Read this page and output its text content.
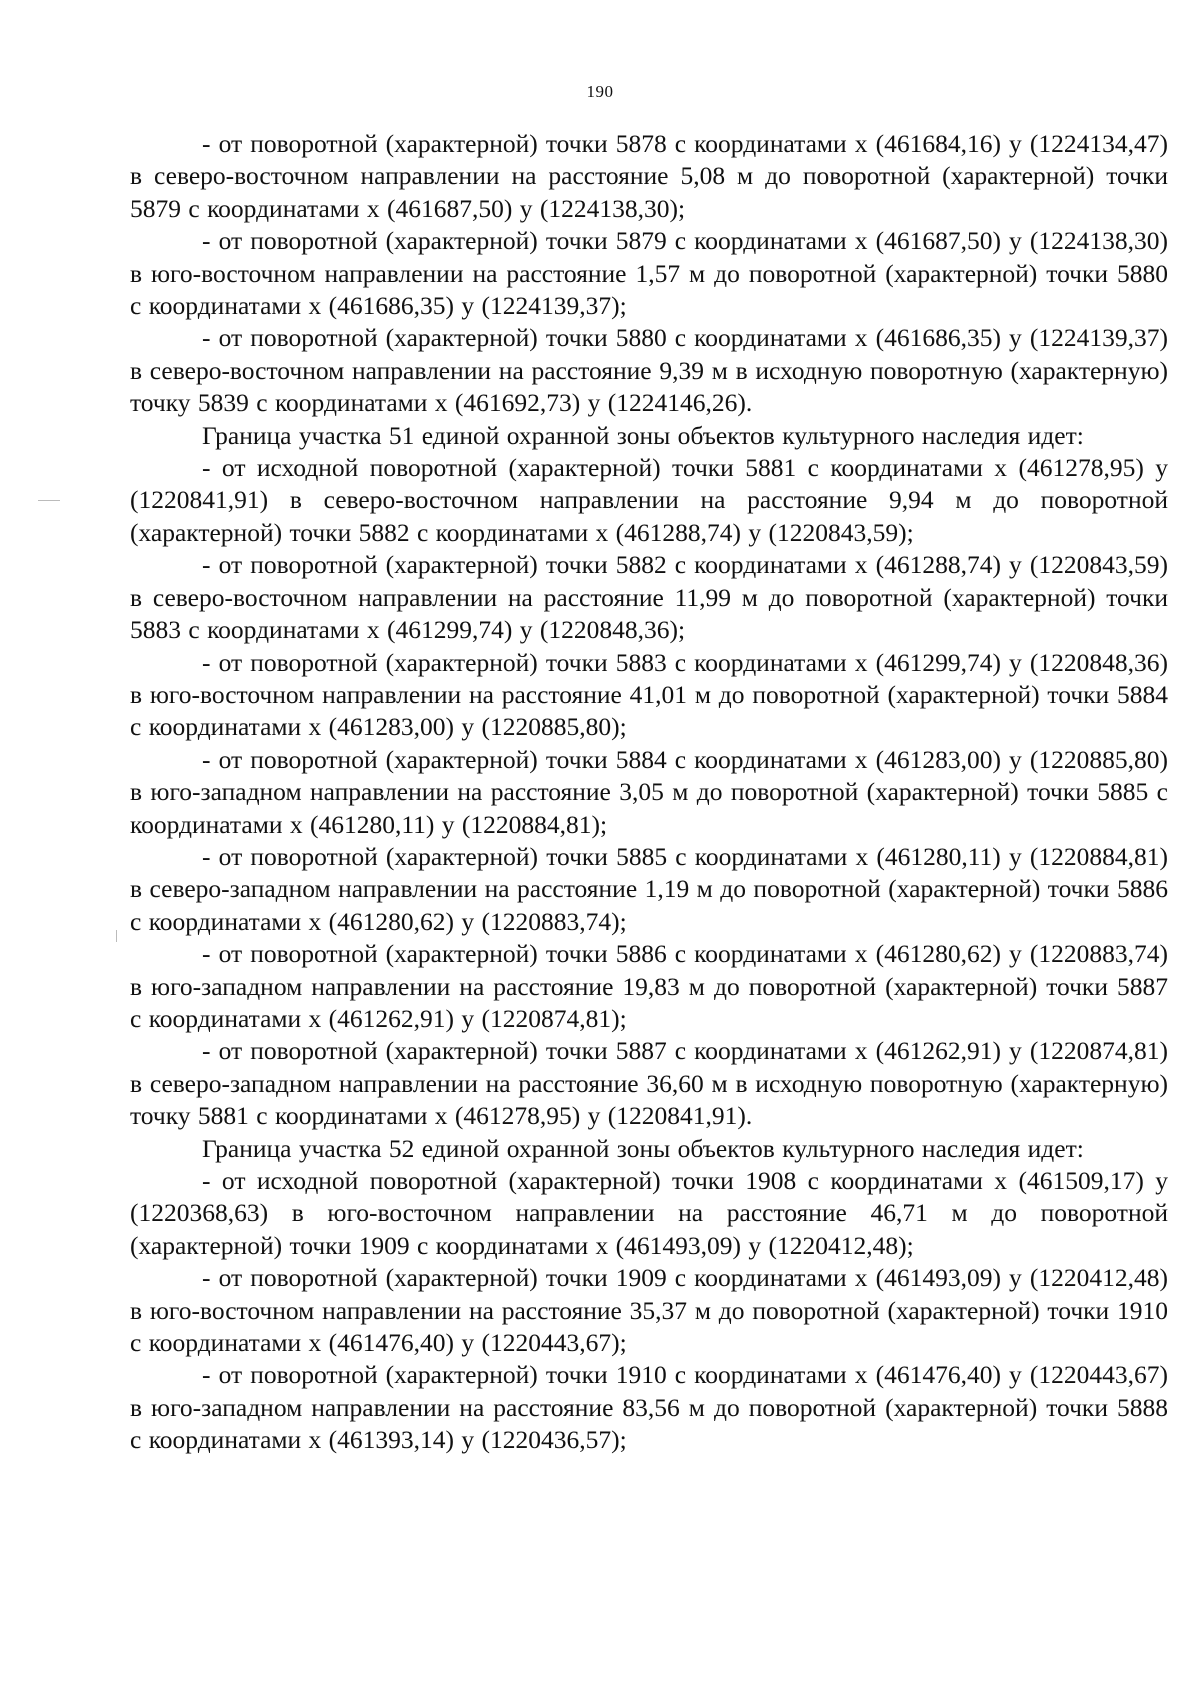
190

- от поворотной (характерной) точки 5878 с координатами х (461684,16) у (1224134,47) в северо-восточном направлении на расстояние 5,08 м до поворотной (характерной) точки 5879 с координатами х (461687,50) у (1224138,30);

- от поворотной (характерной) точки 5879 с координатами х (461687,50) у (1224138,30) в юго-восточном направлении на расстояние 1,57 м до поворотной (характерной) точки 5880 с координатами х (461686,35) у (1224139,37);

- от поворотной (характерной) точки 5880 с координатами х (461686,35) у (1224139,37) в северо-восточном направлении на расстояние 9,39 м в исходную поворотную (характерную) точку 5839 с координатами х (461692,73) у (1224146,26).

Граница участка 51 единой охранной зоны объектов культурного наследия идет:

- от исходной поворотной (характерной) точки 5881 с координатами х (461278,95) у (1220841,91) в северо-восточном направлении на расстояние 9,94 м до поворотной (характерной) точки 5882 с координатами х (461288,74) у (1220843,59);

- от поворотной (характерной) точки 5882 с координатами х (461288,74) у (1220843,59) в северо-восточном направлении на расстояние 11,99 м до поворотной (характерной) точки 5883 с координатами х (461299,74) у (1220848,36);

- от поворотной (характерной) точки 5883 с координатами х (461299,74) у (1220848,36) в юго-восточном направлении на расстояние 41,01 м до поворотной (характерной) точки 5884 с координатами х (461283,00) у (1220885,80);

- от поворотной (характерной) точки 5884 с координатами х (461283,00) у (1220885,80) в юго-западном направлении на расстояние 3,05 м до поворотной (характерной) точки 5885 с координатами х (461280,11) у (1220884,81);

- от поворотной (характерной) точки 5885 с координатами х (461280,11) у (1220884,81) в северо-западном направлении на расстояние 1,19 м до поворотной (характерной) точки 5886 с координатами х (461280,62) у (1220883,74);

- от поворотной (характерной) точки 5886 с координатами х (461280,62) у (1220883,74) в юго-западном направлении на расстояние 19,83 м до поворотной (характерной) точки 5887 с координатами х (461262,91) у (1220874,81);

- от поворотной (характерной) точки 5887 с координатами х (461262,91) у (1220874,81) в северо-западном направлении на расстояние 36,60 м в исходную поворотную (характерную) точку 5881 с координатами х (461278,95) у (1220841,91).

Граница участка 52 единой охранной зоны объектов культурного наследия идет:

- от исходной поворотной (характерной) точки 1908 с координатами х (461509,17) у (1220368,63) в юго-восточном направлении на расстояние 46,71 м до поворотной (характерной) точки 1909 с координатами х (461493,09) у (1220412,48);

- от поворотной (характерной) точки 1909 с координатами х (461493,09) у (1220412,48) в юго-восточном направлении на расстояние 35,37 м до поворотной (характерной) точки 1910 с координатами х (461476,40) у (1220443,67);

- от поворотной (характерной) точки 1910 с координатами х (461476,40) у (1220443,67) в юго-западном направлении на расстояние 83,56 м до поворотной (характерной) точки 5888 с координатами х (461393,14) у (1220436,57);
